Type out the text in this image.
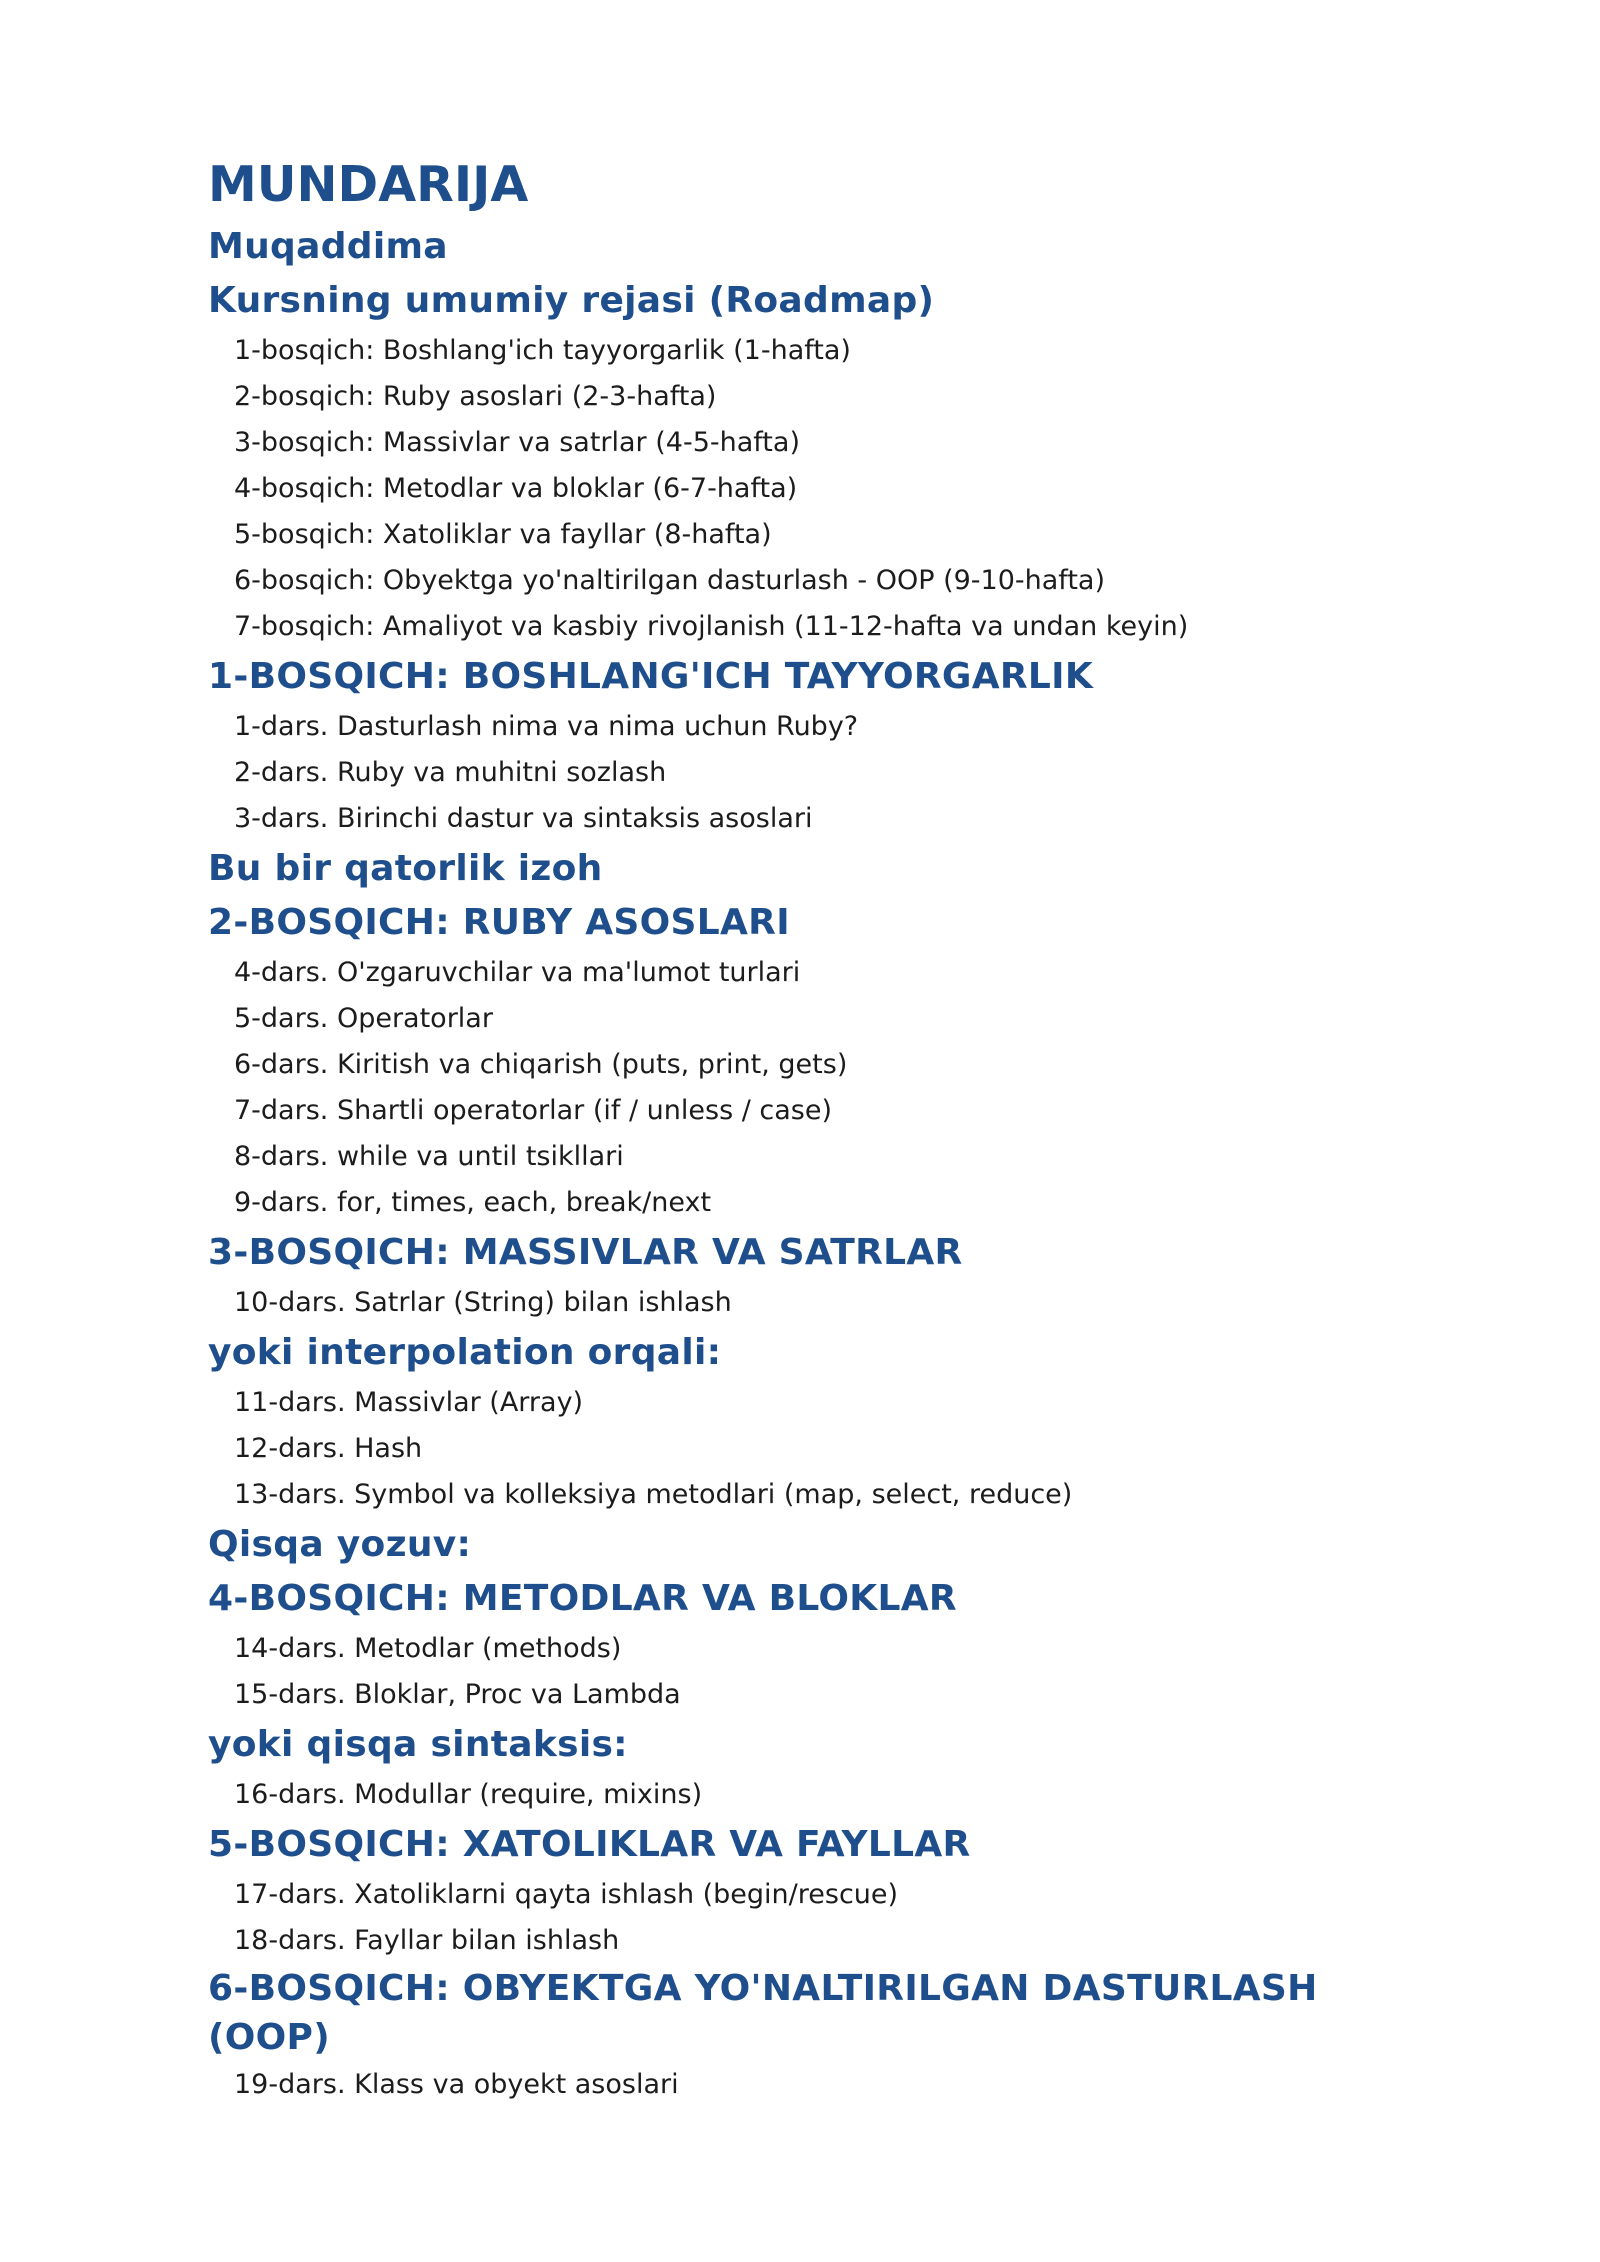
MUNDARIJA
Muqaddima
Kursning umumiy rejasi (Roadmap)
1-bosqich: Boshlang'ich tayyorgarlik (1-hafta)
2-bosqich: Ruby asoslari (2-3-hafta)
3-bosqich: Massivlar va satrlar (4-5-hafta)
4-bosqich: Metodlar va bloklar (6-7-hafta)
5-bosqich: Xatoliklar va fayllar (8-hafta)
6-bosqich: Obyektga yo'naltirilgan dasturlash - OOP (9-10-hafta)
7-bosqich: Amaliyot va kasbiy rivojlanish (11-12-hafta va undan keyin)
1-BOSQICH: BOSHLANG'ICH TAYYORGARLIK
1-dars. Dasturlash nima va nima uchun Ruby?
2-dars. Ruby va muhitni sozlash
3-dars. Birinchi dastur va sintaksis asoslari
Bu bir qatorlik izoh
2-BOSQICH: RUBY ASOSLARI
4-dars. O'zgaruvchilar va ma'lumot turlari
5-dars. Operatorlar
6-dars. Kiritish va chiqarish (puts, print, gets)
7-dars. Shartli operatorlar (if / unless / case)
8-dars. while va until tsikllari
9-dars. for, times, each, break/next
3-BOSQICH: MASSIVLAR VA SATRLAR
10-dars. Satrlar (String) bilan ishlash
yoki interpolation orqali:
11-dars. Massivlar (Array)
12-dars. Hash
13-dars. Symbol va kolleksiya metodlari (map, select, reduce)
Qisqa yozuv:
4-BOSQICH: METODLAR VA BLOKLAR
14-dars. Metodlar (methods)
15-dars. Bloklar, Proc va Lambda
yoki qisqa sintaksis:
16-dars. Modullar (require, mixins)
5-BOSQICH: XATOLIKLAR VA FAYLLAR
17-dars. Xatoliklarni qayta ishlash (begin/rescue)
18-dars. Fayllar bilan ishlash
6-BOSQICH: OBYEKTGA YO'NALTIRILGAN DASTURLASH (OOP)
19-dars. Klass va obyekt asoslari
